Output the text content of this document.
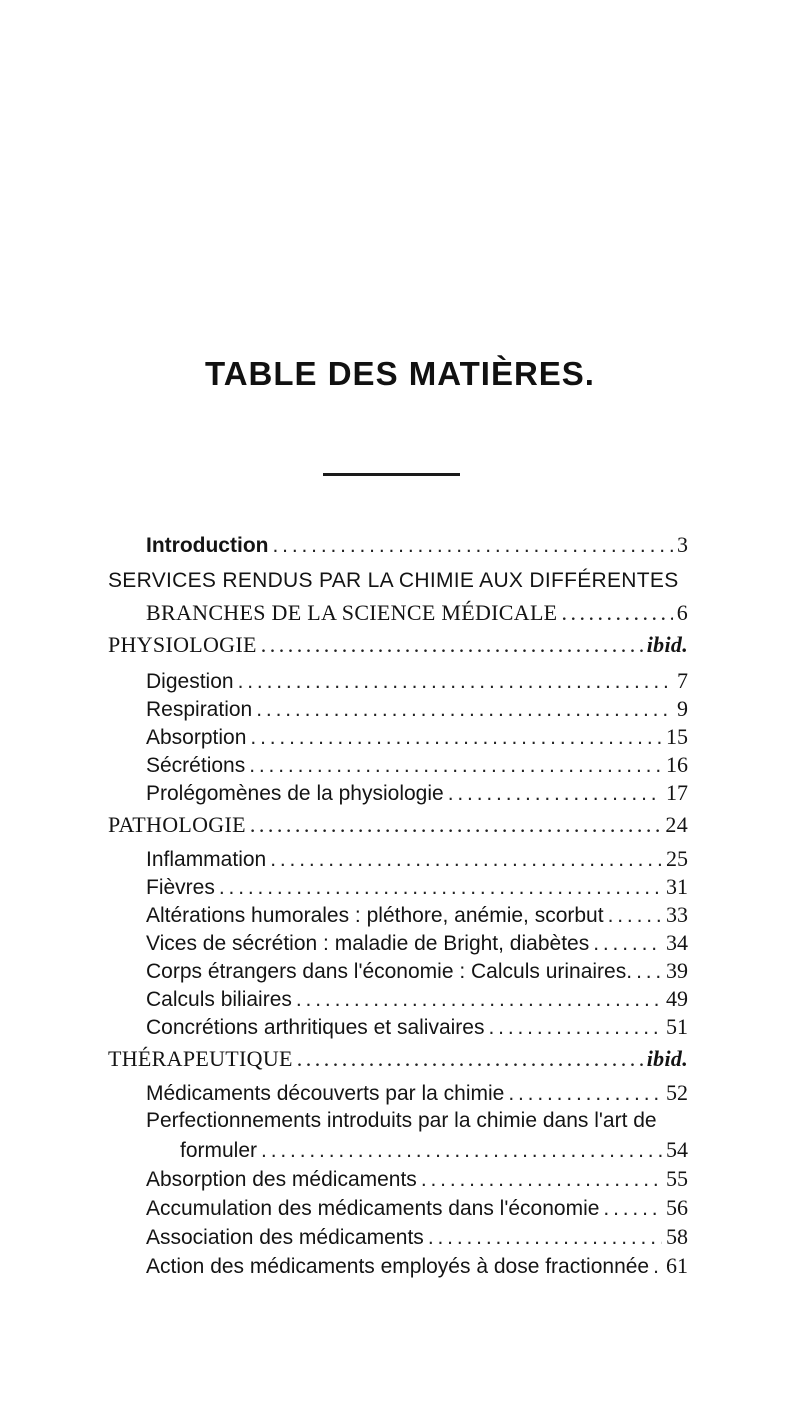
TABLE DES MATIÈRES.
Introduction . . .	3
SERVICES RENDUS PAR LA CHIMIE AUX DIFFÉRENTES
BRANCHES DE LA SCIENCE MÉDICALE . . .	6
PHYSIOLOGIE . . .	ibid.
Digestion . . .	7
Respiration . . .	9
Absorption . . .	15
Sécrétions . . .	16
Prolégomènes de la physiologie . . .	17
PATHOLOGIE . . .	24
Inflammation . . .	25
Fièvres . . .	31
Altérations humorales : pléthore, anémie, scorbut . . .	33
Vices de sécrétion : maladie de Bright, diabètes . . .	34
Corps étrangers dans l'économie : Calculs urinaires. . . . 39
Calculs biliaires . . .	49
Concrétions arthritiques et salivaires . . .	51
THÉRAPEUTIQUE . . .	ibid.
Médicaments découverts par la chimie . . .	52
Perfectionnements introduits par la chimie dans l'art de
formuler . . .	54
Absorption des médicaments . . .	55
Accumulation des médicaments dans l'économie . . .	56
Association des médicaments . . .	58
Action des médicaments employés à dose fractionnée . . . 61
